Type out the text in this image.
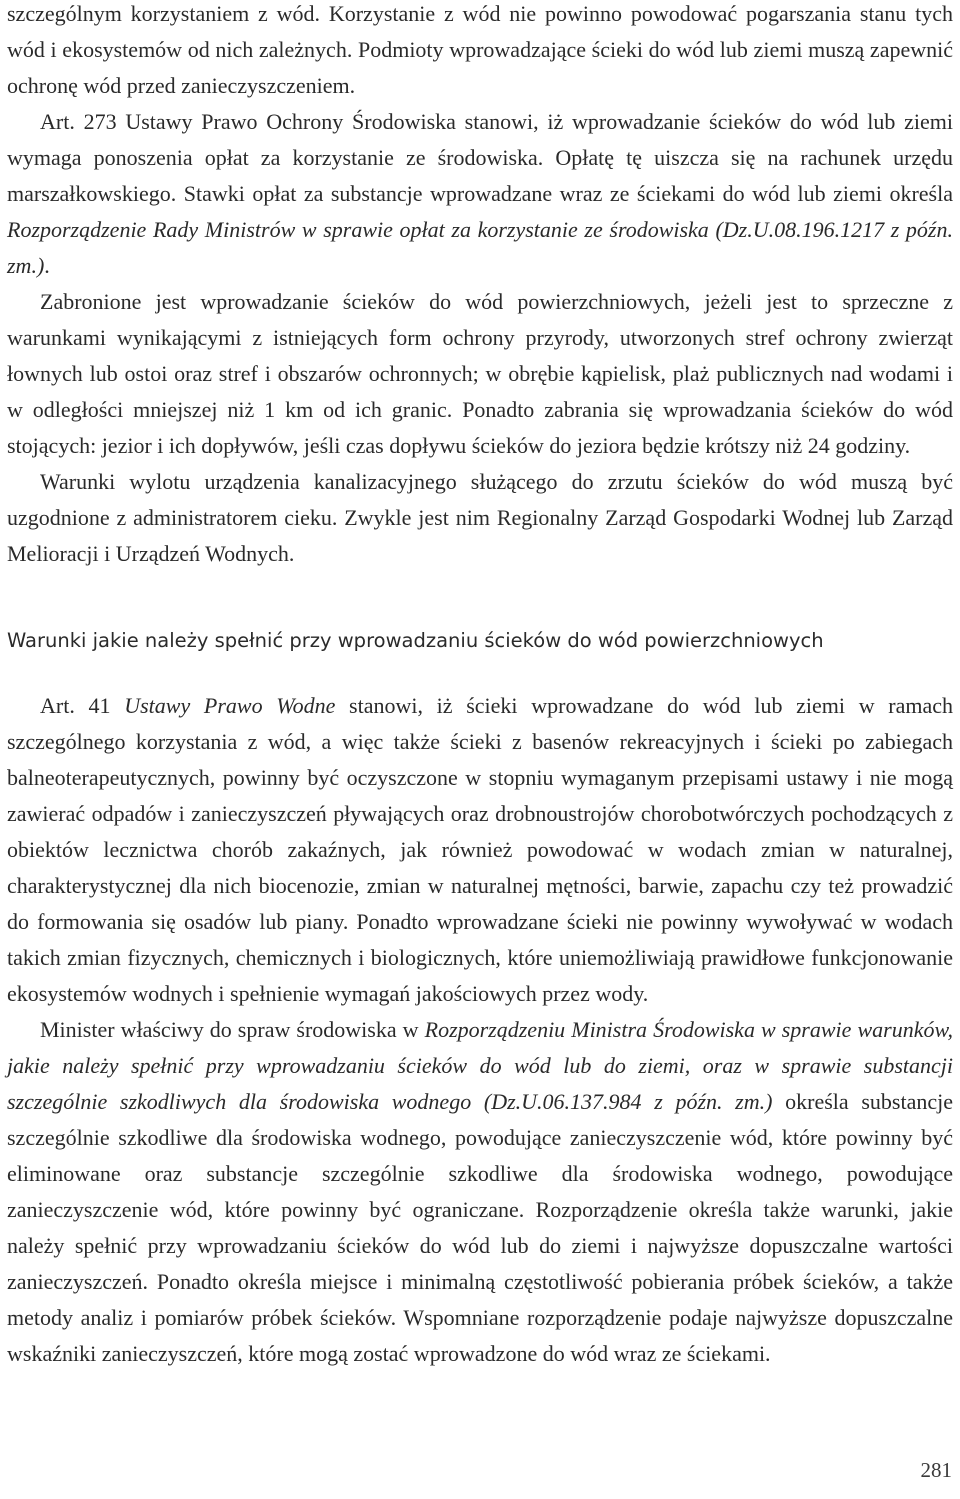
szczególnym korzystaniem z wód. Korzystanie z wód nie powinno powodować pogarszania stanu tych wód i ekosystemów od nich zależnych. Podmioty wprowadzające ścieki do wód lub ziemi muszą zapewnić ochronę wód przed zanieczyszczeniem.

Art. 273 Ustawy Prawo Ochrony Środowiska stanowi, iż wprowadzanie ścieków do wód lub ziemi wymaga ponoszenia opłat za korzystanie ze środowiska. Opłatę tę uiszcza się na rachunek urzędu marszałkowskiego. Stawki opłat za substancje wprowadzane wraz ze ściekami do wód lub ziemi określa Rozporządzenie Rady Ministrów w sprawie opłat za korzystanie ze środowiska (Dz.U.08.196.1217 z późn. zm.).

Zabronione jest wprowadzanie ścieków do wód powierzchniowych, jeżeli jest to sprzeczne z warunkami wynikającymi z istniejących form ochrony przyrody, utworzonych stref ochrony zwierząt łownych lub ostoi oraz stref i obszarów ochronnych; w obrębie kąpielisk, plaż publicznych nad wodami i w odległości mniejszej niż 1 km od ich granic. Ponadto zabrania się wprowadzania ścieków do wód stojących: jezior i ich dopływów, jeśli czas dopływu ścieków do jeziora będzie krótszy niż 24 godziny.

Warunki wylotu urządzenia kanalizacyjnego służącego do zrzutu ścieków do wód muszą być uzgodnione z administratorem cieku. Zwykle jest nim Regionalny Zarząd Gospodarki Wodnej lub Zarząd Melioracji i Urządzeń Wodnych.

Warunki jakie należy spełnić przy wprowadzaniu ścieków do wód powierzchniowych

Art. 41 Ustawy Prawo Wodne stanowi, iż ścieki wprowadzane do wód lub ziemi w ramach szczególnego korzystania z wód, a więc także ścieki z basenów rekreacyjnych i ścieki po zabiegach balneoterapeutycznych, powinny być oczyszczone w stopniu wymaganym przepisami ustawy i nie mogą zawierać odpadów i zanieczyszczeń pływających oraz drobnoustrojów chorobotwórczych pochodzących z obiektów lecznictwa chorób zakaźnych, jak również powodować w wodach zmian w naturalnej, charakterystycznej dla nich biocenozie, zmian w naturalnej mętności, barwie, zapachu czy też prowadzić do formowania się osadów lub piany. Ponadto wprowadzane ścieki nie powinny wywoływać w wodach takich zmian fizycznych, chemicznych i biologicznych, które uniemożliwiają prawidłowe funkcjonowanie ekosystemów wodnych i spełnienie wymagań jakościowych przez wody.

Minister właściwy do spraw środowiska w Rozporządzeniu Ministra Środowiska w sprawie warunków, jakie należy spełnić przy wprowadzaniu ścieków do wód lub do ziemi, oraz w sprawie substancji szczególnie szkodliwych dla środowiska wodnego (Dz.U.06.137.984 z późn. zm.) określa substancje szczególnie szkodliwe dla środowiska wodnego, powodujące zanieczyszczenie wód, które powinny być eliminowane oraz substancje szczególnie szkodliwe dla środowiska wodnego, powodujące zanieczyszczenie wód, które powinny być ograniczane. Rozporządzenie określa także warunki, jakie należy spełnić przy wprowadzaniu ścieków do wód lub do ziemi i najwyższe dopuszczalne wartości zanieczyszczeń. Ponadto określa miejsce i minimalną częstotliwość pobierania próbek ścieków, a także metody analiz i pomiarów próbek ścieków. Wspomniane rozporządzenie podaje najwyższe dopuszczalne wskaźniki zanieczyszczeń, które mogą zostać wprowadzone do wód wraz ze ściekami.

281
